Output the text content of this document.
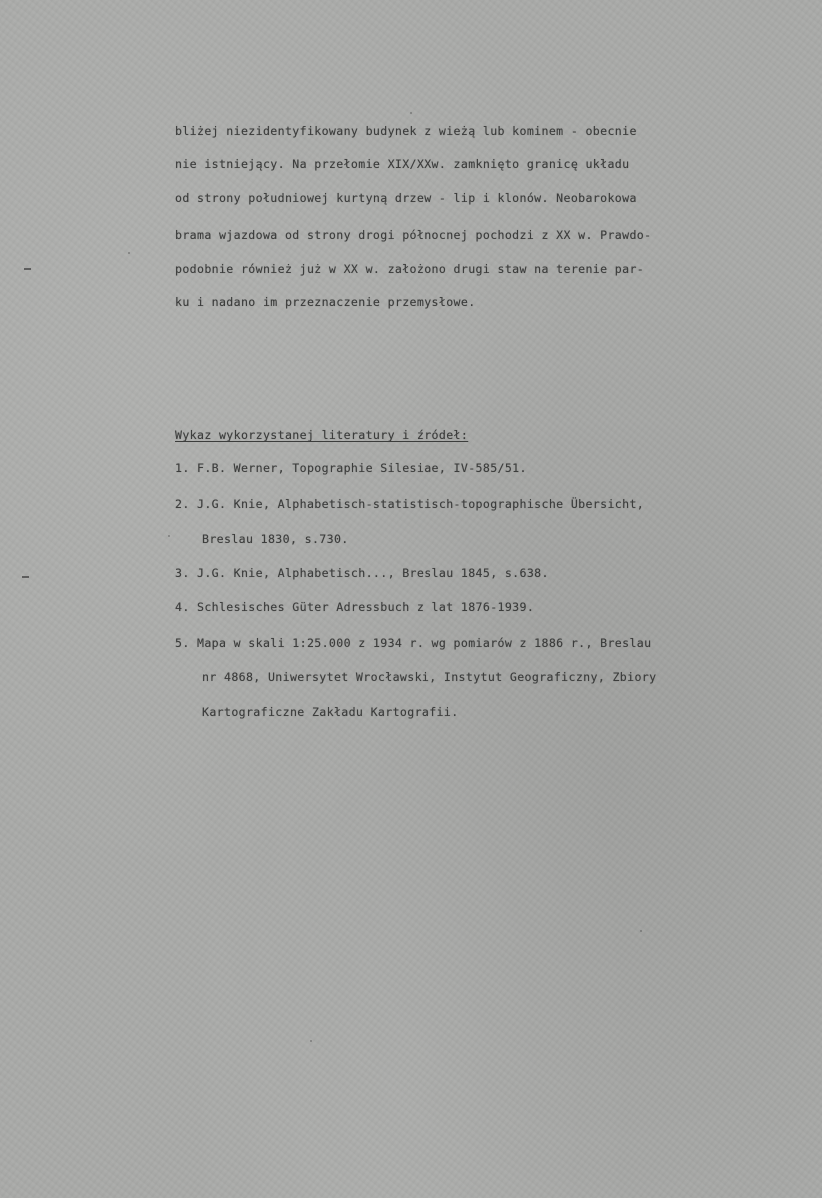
bliżej niezidentyfikowany budynek z wieżą lub kominem - obecnie
nie istniejący. Na przełomie XIX/XXw. zamknięto granicę układu
od strony południowej kurtyną drzew - lip i klonów. Neobarokowa
brama wjazdowa od strony drogi północnej pochodzi z XX w. Prawdo-
podobnie również już w XX w. założono drugi staw na terenie par-
ku i nadano im przeznaczenie przemysłowe.
Wykaz wykorzystanej literatury i źródeł:
1. F.B. Werner, Topographie Silesiae, IV-585/51.
2. J.G. Knie, Alphabetisch-statistisch-topographische Übersicht,
Breslau 1830, s.730.
3. J.G. Knie, Alphabetisch..., Breslau 1845, s.638.
4. Schlesisches Güter Adressbuch z lat 1876-1939.
5. Mapa w skali 1:25.000 z 1934 r. wg pomiarów z 1886 r., Breslau
nr 4868, Uniwersytet Wrocławski, Instytut Geograficzny, Zbiory
Kartograficzne Zakładu Kartografii.
